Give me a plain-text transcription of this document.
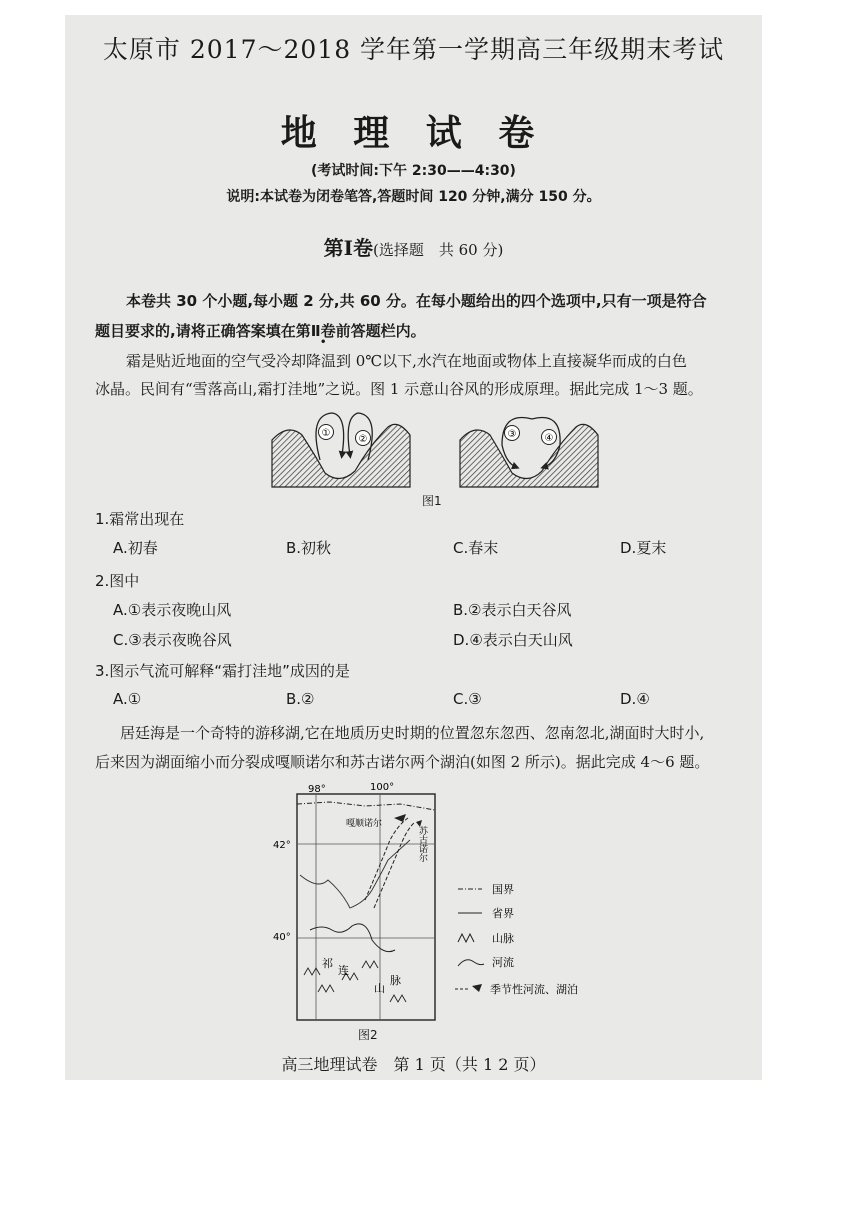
太原市 2017～2018 学年第一学期高三年级期末考试
地 理 试 卷
(考试时间:下午 2:30——4:30)
说明:本试卷为闭卷笔答,答题时间 120 分钟,满分 150 分。
第Ⅰ卷(选择题　共 60 分)
本卷共 30 个小题,每小题 2 分,共 60 分。在每小题给出的四个选项中,只有一项是符合
题目要求的,请将正确答案填在第Ⅱ卷前 •答题栏内。
霜是贴近地面的空气受冷却降温到 0℃以下,水汽在地面或物体上直接凝华而成的白色
冰晶。民间有“雪落高山,霜打洼地”之说。图 1 示意山谷风的形成原理。据此完成 1～3 题。
①
②	③	④
图1
1.霜常出现在
A.初春	B.初秋	C.春末	D.夏末
2.图中
A.①表示夜晚山风	B.②表示白天谷风
C.③表示夜晚谷风	D.④表示白天山风
3.图示气流可解释“霜打洼地”成因的是
A.①	B.②	C.③	D.④
居廷海是一个奇特的游移湖,它在地质历史时期的位置忽东忽西、忽南忽北,湖面时大时小,
后来因为湖面缩小而分裂成嘎顺诺尔和苏古诺尔两个湖泊(如图 2 所示)。据此完成 4～6 题。
98°	100°
42°
40°
嘎顺诺尔
苏古诺尔
祁
连
山
脉
国界
省界
山脉
河流
季节性河流、湖泊
图2
高三地理试卷　第 1 页（共 1 2 页）
